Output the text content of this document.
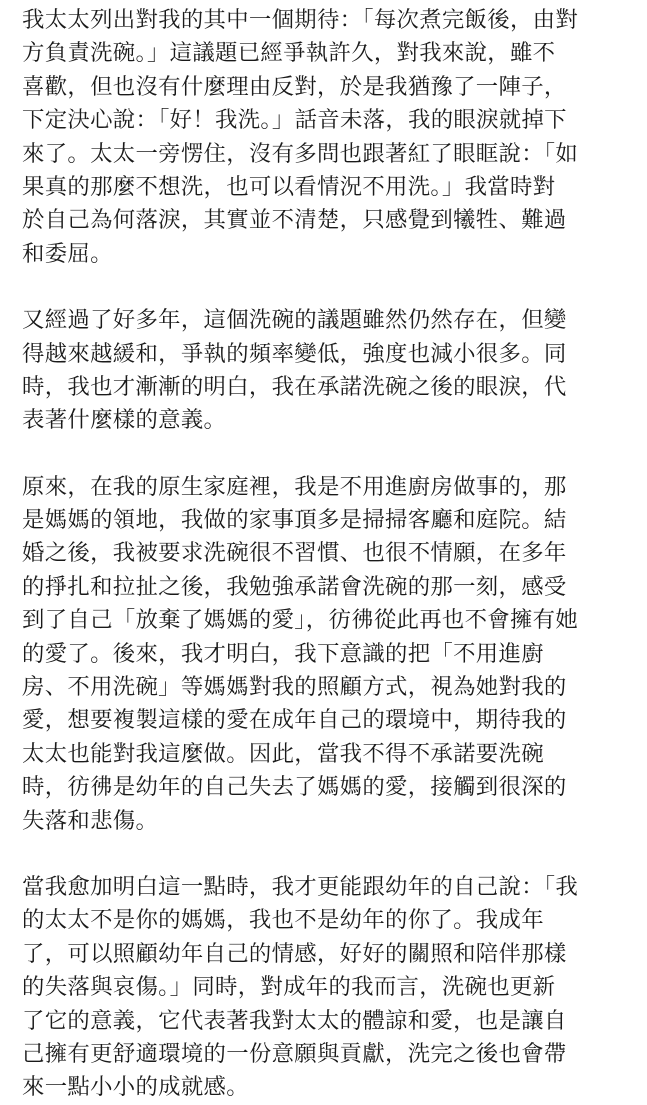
我太太列出對我的其中一個期待：「每次煮完飯後，由對
方負責洗碗。」這議題已經爭執許久，對我來說，雖不
喜歡，但也沒有什麼理由反對，於是我猶豫了一陣子，
下定決心說：「好！我洗。」話音未落，我的眼淚就掉下
來了。太太一旁愣住，沒有多問也跟著紅了眼眶說：「如
果真的那麼不想洗，也可以看情況不用洗。」我當時對
於自己為何落淚，其實並不清楚，只感覺到犧牲、難過
和委屈。
又經過了好多年，這個洗碗的議題雖然仍然存在，但變
得越來越緩和，爭執的頻率變低，強度也減小很多。同
時，我也才漸漸的明白，我在承諾洗碗之後的眼淚，代
表著什麼樣的意義。
原來，在我的原生家庭裡，我是不用進廚房做事的，那
是媽媽的領地，我做的家事頂多是掃掃客廳和庭院。結
婚之後，我被要求洗碗很不習慣、也很不情願，在多年
的掙扎和拉扯之後，我勉強承諾會洗碗的那一刻，感受
到了自己「放棄了媽媽的愛」，彷彿從此再也不會擁有她
的愛了。後來，我才明白，我下意識的把「不用進廚
房、不用洗碗」等媽媽對我的照顧方式，視為她對我的
愛，想要複製這樣的愛在成年自己的環境中，期待我的
太太也能對我這麼做。因此，當我不得不承諾要洗碗
時，彷彿是幼年的自己失去了媽媽的愛，接觸到很深的
失落和悲傷。
當我愈加明白這一點時，我才更能跟幼年的自己說：「我
的太太不是你的媽媽，我也不是幼年的你了。我成年
了，可以照顧幼年自己的情感，好好的關照和陪伴那樣
的失落與哀傷。」同時，對成年的我而言，洗碗也更新
了它的意義，它代表著我對太太的體諒和愛，也是讓自
己擁有更舒適環境的一份意願與貢獻，洗完之後也會帶
來一點小小的成就感。
